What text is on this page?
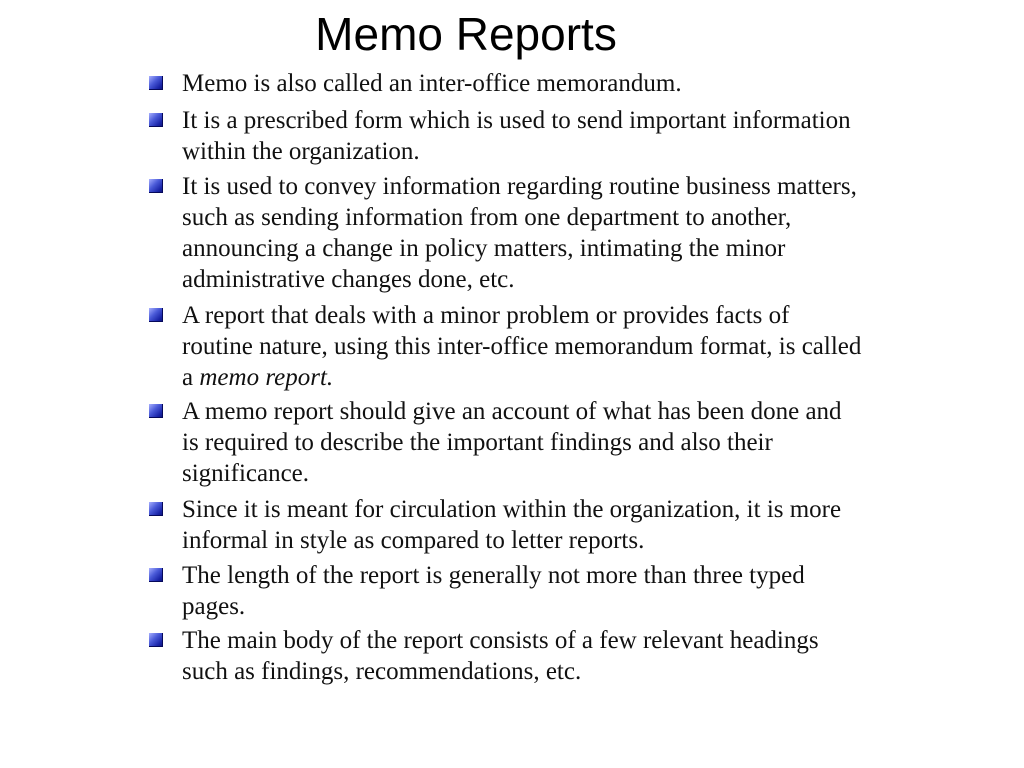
Memo Reports
Memo is also called an inter-office memorandum.
It is a prescribed form which is used to send important information
within the organization.
It is used to convey information regarding routine business matters,
such as sending information from one department to another,
announcing a change in policy matters, intimating the minor
administrative changes done, etc.
A report that deals with a minor problem or provides facts of
routine nature, using this inter-office memorandum format, is called
a memo report.
A memo report should give an account of what has been done and
is required to describe the important findings and also their
significance.
Since it is meant for circulation within the organization, it is more
informal in style as compared to letter reports.
The length of the report is generally not more than three typed
pages.
The main body of the report consists of a few relevant headings
such as findings, recommendations, etc.
